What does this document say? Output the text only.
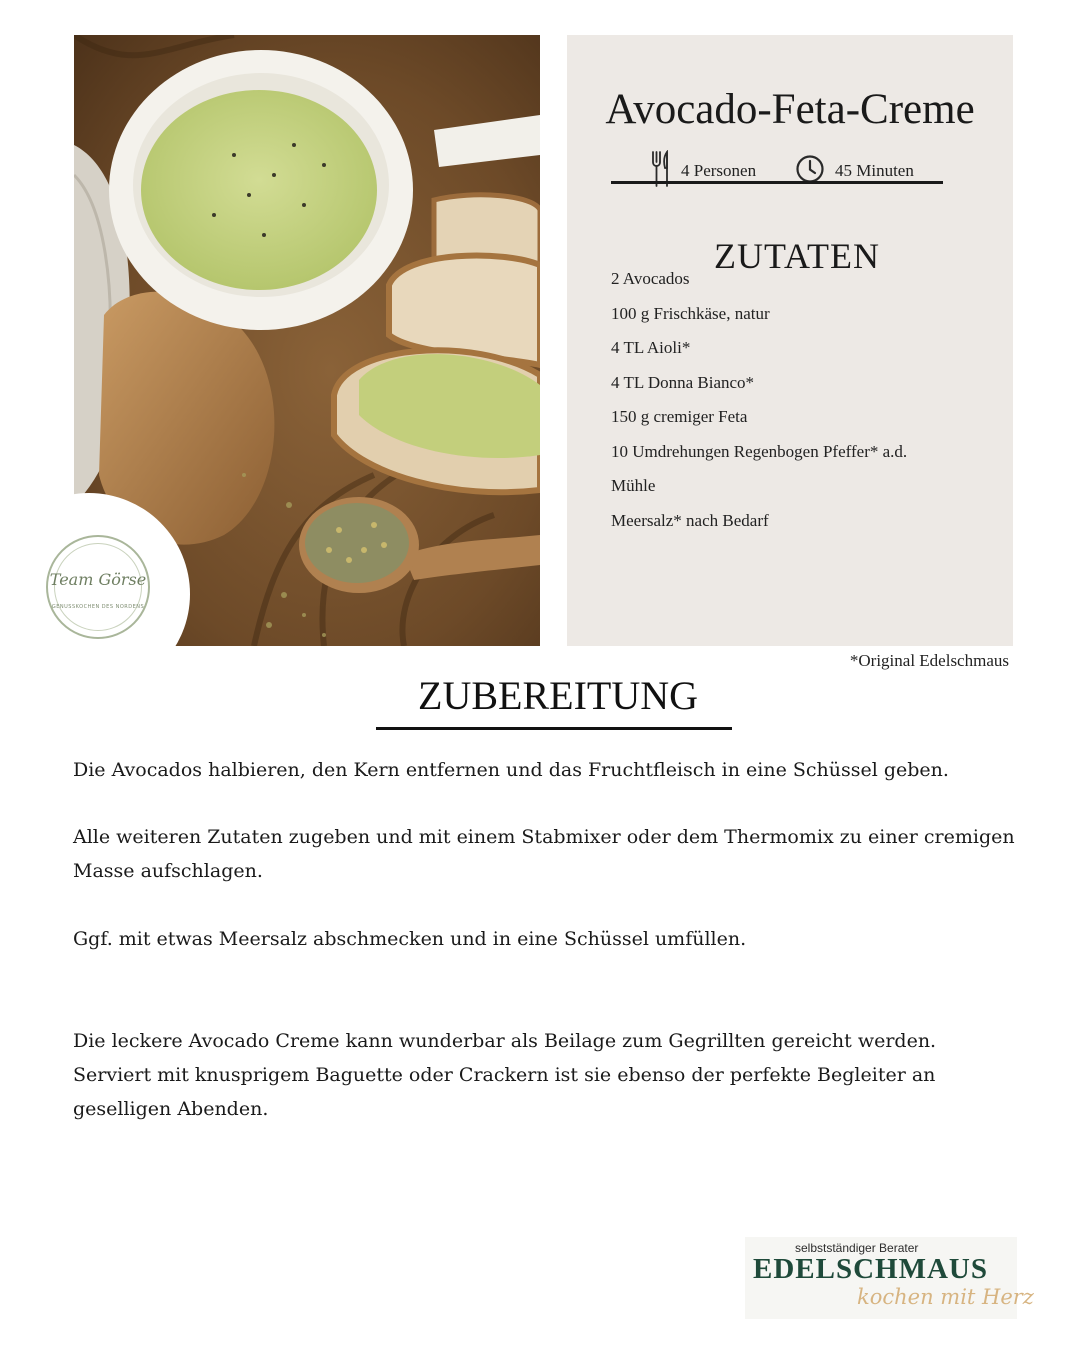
Team Görse
GENUSSKOCHEN DES NORDENS
Avocado-Feta-Creme
4 Personen	45 Minuten
ZUTATEN
2 Avocados
100 g Frischkäse, natur
4 TL Aioli*
4 TL Donna Bianco*
150 g cremiger Feta
10 Umdrehungen Regenbogen Pfeffer* a.d.
Mühle
Meersalz* nach Bedarf
*Original Edelschmaus
ZUBEREITUNG

Die Avocados halbieren, den Kern entfernen und das Fruchtfleisch in eine Schüssel geben.

Alle weiteren Zutaten zugeben und mit einem Stabmixer oder dem Thermomix zu einer cremigen Masse aufschlagen.

Ggf. mit etwas Meersalz abschmecken und in eine Schüssel umfüllen.

Die leckere Avocado Creme kann wunderbar als Beilage zum Gegrillten gereicht werden.

Serviert mit knusprigem Baguette oder Crackern ist sie ebenso der perfekte Begleiter an geselligen Abenden.

selbstständiger Berater
EDELSCHMAUS
kochen mit Herz
